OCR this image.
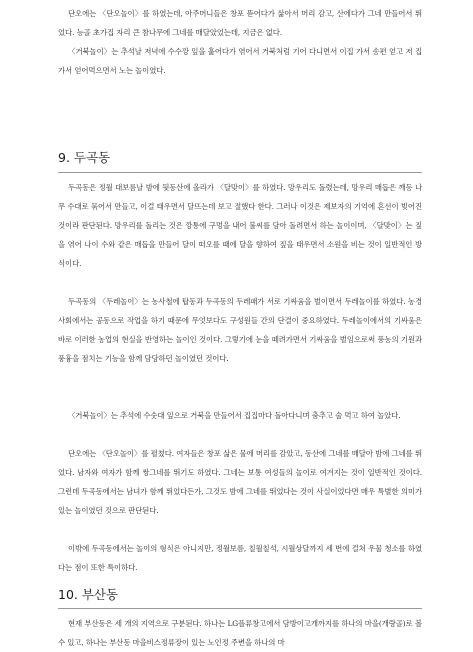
단오에는 〈단오놀이〉를 하였는데, 아주머니들은 창포 뜯어다가 삶아서 머리 감고, 산에다가 그네 만들어서 뛰었다. 능골 초가집 자리 큰 참나무에 그네를 매달았었는데, 지금은 없다.

〈거북놀이〉는 추석날 저녁에 수수깡 잎을 훑어다가 엮어서 거북처럼 기어 다니면서 이집 가서 송편 얻고 저 집 가서 얻어먹으면서 노는 놀이였다.

9. 두곡동

두곡동은 정월 대보름날 밤에 뒷동산에 올라가 〈달맞이〉를 하였다. 망우리도 돌렸는데, 망우리 매듭은 깨등 나무 수대로 묶어서 만들고, 이걸 태우면서 달뜨는데 보고 절했다 한다. 그러나 이것은 제보자의 기억에 혼선이 빚어진 것이라 판단된다. 망우리를 돌리는 것은 깡통에 구멍을 내어 불씨를 담아 돌려면서 하는 놀이이며, 〈달맞이〉는 짚을 엮어 나이 수와 같은 매듭을 만들어 달이 떠오를 때에 달을 향하여 짚을 태우면서 소원을 비는 것이 일반적인 방식이다.

두곡동의 〈두레놀이〉는 농사철에 탑동과 두곡동의 두레패가 서로 기싸움을 벌이면서 두레놀이를 하였다. 농경사회에서는 공동으로 작업을 하기 때문에 무엇보다도 구성원들 간의 단결이 중요하였다. 두레놀이에서의 기싸움은 바로 이러한 농업의 현실을 반영하는 놀이인 것이다. 그렇기에 눈을 떼려가면서 기싸움을 벌임으로써 풍농의 기원과 풍흉을 점치는 기능을 함께 담당하던 놀이였던 것이다.

〈거북놀이〉는 추석에 수숫대 잎으로 거북을 만들어서 집집마다 돌아다니며 춤추고 술 먹고 하여 놀았다.

단오에는 〈단오놀이〉를 펼쳤다. 여자들은 창포 삶은 물에 머리를 감았고, 동산에 그네를 매달아 밤에 그네를 뛰었다. 남자와 여자가 함께 쌍그네를 뛰기도 하였다. 그네는 보통 여성들의 놀이로 여겨지는 것이 일반적인 것이다. 그런데 두곡동에서는 남녀가 함께 뛰었다든가, 그것도 밤에 그네를 뛰었다는 것이 사실이었다면 매우 특별한 의미가 있는 놀이였던 것으로 판단된다.

이밖에 두곡동에서는 놀이의 형식은 아니지만, 정월보름, 칠월칠석, 시월상달까지 세 번에 걸쳐 우물 청소를 하였다는 점이 또한 특이하다.

10. 부산동

현재 부산동은 세 개의 지역으로 구분된다. 하나는 LG플류창고에서 담방이고개까지를 하나의 마을(개랑골)로 볼 수 있고, 하나는 부산동 마을비스정류장이 있는 노인정 주변을 하나의 마
